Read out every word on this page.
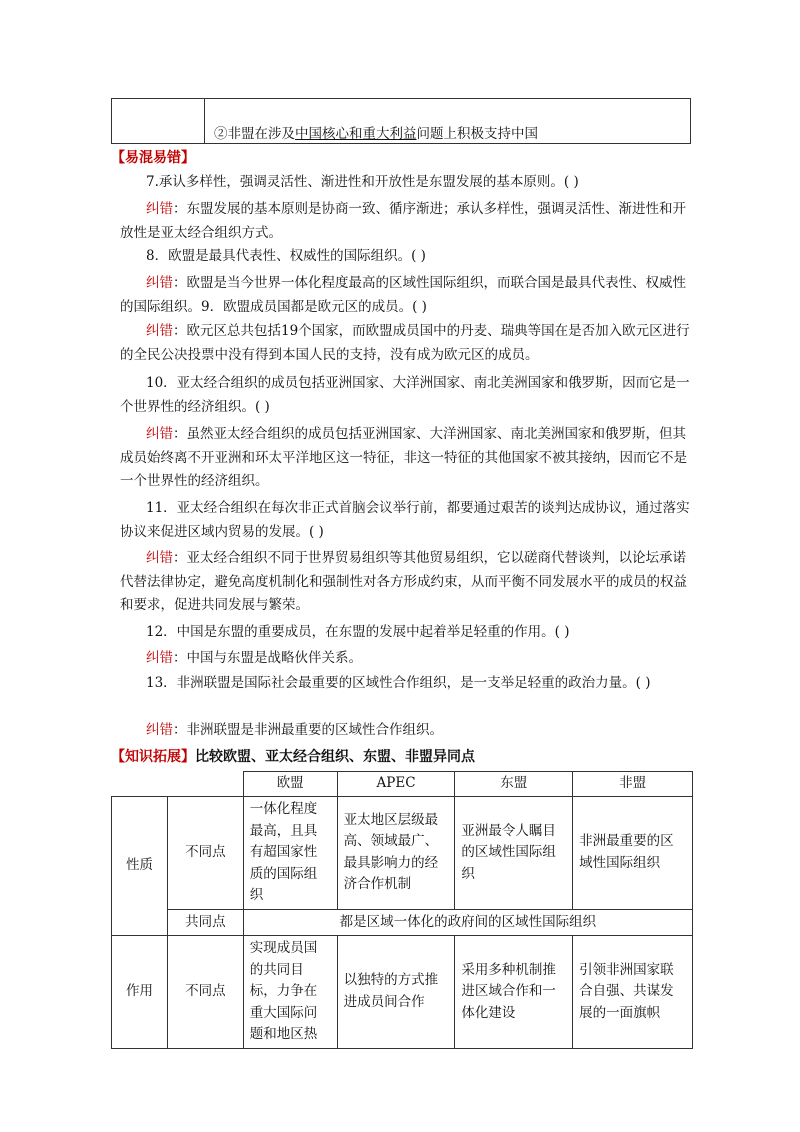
②非盟在涉及中国核心和重大利益问题上积极支持中国
【易混易错】
7.承认多样性，强调灵活性、渐进性和开放性是东盟发展的基本原则。( )
纠错：东盟发展的基本原则是协商一致、循序渐进；承认多样性，强调灵活性、渐进性和开放性是亚太经合组织方式。
8．欧盟是最具代表性、权威性的国际组织。( )
纠错：欧盟是当今世界一体化程度最高的区域性国际组织，而联合国是最具代表性、权威性的国际组织。9．欧盟成员国都是欧元区的成员。( )
纠错：欧元区总共包括19个国家，而欧盟成员国中的丹麦、瑞典等国在是否加入欧元区进行的全民公决投票中没有得到本国人民的支持，没有成为欧元区的成员。
10．亚太经合组织的成员包括亚洲国家、大洋洲国家、南北美洲国家和俄罗斯，因而它是一个世界性的经济组织。( )
纠错：虽然亚太经合组织的成员包括亚洲国家、大洋洲国家、南北美洲国家和俄罗斯，但其成员始终离不开亚洲和环太平洋地区这一特征，非这一特征的其他国家不被其接纳，因而它不是一个世界性的经济组织。
11．亚太经合组织在每次非正式首脑会议举行前，都要通过艰苦的谈判达成协议，通过落实协议来促进区域内贸易的发展。( )
纠错：亚太经合组织不同于世界贸易组织等其他贸易组织，它以磋商代替谈判，以论坛承诺代替法律协定，避免高度机制化和强制性对各方形成约束，从而平衡不同发展水平的成员的权益和要求，促进共同发展与繁荣。
12．中国是东盟的重要成员，在东盟的发展中起着举足轻重的作用。( )
纠错：中国与东盟是战略伙伴关系。
13．非洲联盟是国际社会最重要的区域性合作组织，是一支举足轻重的政治力量。( )
纠错：非洲联盟是非洲最重要的区域性合作组织。
【知识拓展】比较欧盟、亚太经合组织、东盟、非盟异同点
		欧盟	APEC	东盟	非盟
性质	不同点	一体化程度最高，且具有超国家性质的国际组织	亚太地区层级最高、领域最广、最具影响力的经济合作机制	亚洲最令人瞩目的区域性国际组织	非洲最重要的区域性国际组织
	共同点	都是区域一体化的政府间的区域性国际组织			
作用	不同点	实现成员国的共同目标，力争在重大国际问题和地区热	以独特的方式推进成员间合作	采用多种机制推进区域合作和一体化建设	引领非洲国家联合自强、共谋发展的一面旗帜
